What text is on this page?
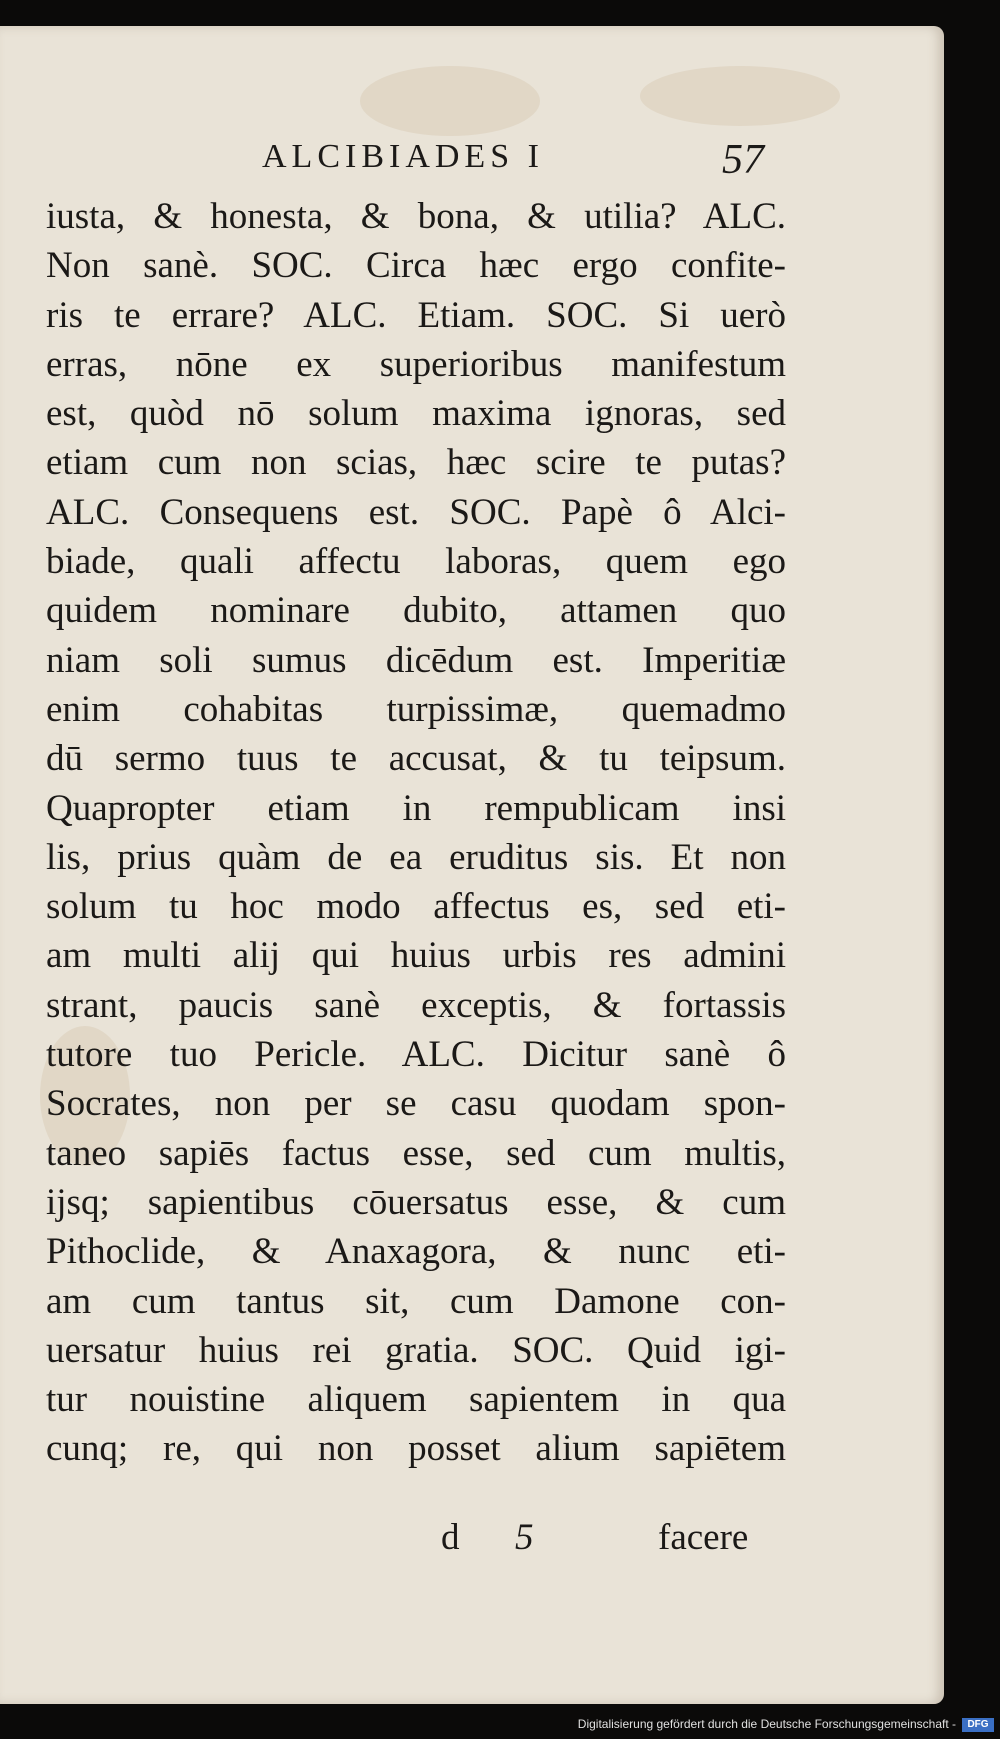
ALCIBIADES I	57
iusta, & honesta, & bona, & utilia? ALC.
Non sanè. SOC. Circa hæc ergo confite-
ris te errare? ALC. Etiam. SOC. Si uerò
erras, nōne ex superioribus manifestum
est, quòd nō solum maxima ignoras, sed
etiam cum non scias, hæc scire te putas?
ALC. Consequens est. SOC. Papè ô Alci-
biade, quali affectu laboras, quem ego
quidem nominare dubito, attamen quo
niam soli sumus dicēdum est. Imperitiæ
enim cohabitas turpissimæ, quemadmo
dū sermo tuus te accusat, & tu teipsum.
Quapropter etiam in rempublicam insi
lis, prius quàm de ea eruditus sis. Et non
solum tu hoc modo affectus es, sed eti-
am multi alij qui huius urbis res admini
strant, paucis sanè exceptis, & fortassis
tutore tuo Pericle. ALC. Dicitur sanè ô
Socrates, non per se casu quodam spon-
taneo sapiēs factus esse, sed cum multis,
ijsq; sapientibus cōuersatus esse, & cum
Pithoclide, & Anaxagora, & nunc eti-
am cum tantus sit, cum Damone con-
uersatur huius rei gratia. SOC. Quid igi-
tur nouistine aliquem sapientem in qua
cunq; re, qui non posset alium sapiētem
d 5	facere
Digitalisierung gefördert durch die Deutsche Forschungsgemeinschaft -	DFG
